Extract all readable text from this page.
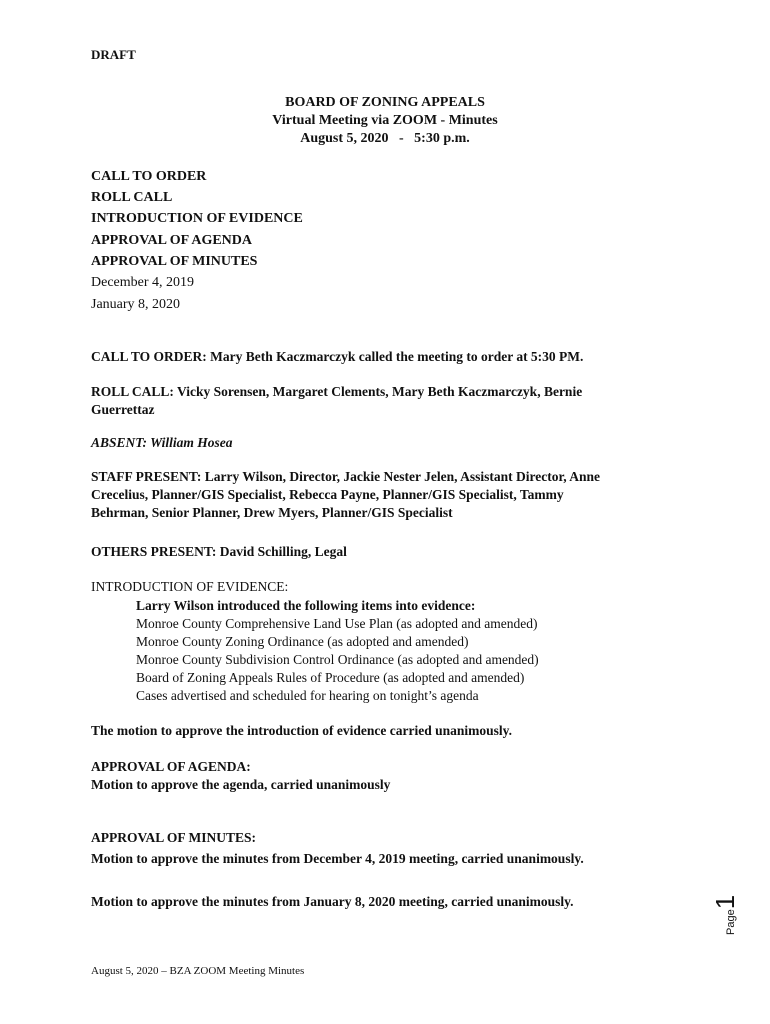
DRAFT
BOARD OF ZONING APPEALS
Virtual Meeting via ZOOM - Minutes
August 5, 2020   -   5:30 p.m.
CALL TO ORDER
ROLL CALL
INTRODUCTION OF EVIDENCE
APPROVAL OF AGENDA
APPROVAL OF MINUTES
December 4, 2019
January 8, 2020
CALL TO ORDER: Mary Beth Kaczmarczyk called the meeting to order at 5:30 PM.
ROLL CALL: Vicky Sorensen, Margaret Clements, Mary Beth Kaczmarczyk, Bernie
Guerrettaz
ABSENT: William Hosea
STAFF PRESENT: Larry Wilson, Director, Jackie Nester Jelen, Assistant Director, Anne
Crecelius, Planner/GIS Specialist, Rebecca Payne, Planner/GIS Specialist, Tammy
Behrman, Senior Planner, Drew Myers, Planner/GIS Specialist
OTHERS PRESENT: David Schilling, Legal
INTRODUCTION OF EVIDENCE:
Larry Wilson introduced the following items into evidence:
Monroe County Comprehensive Land Use Plan (as adopted and amended)
Monroe County Zoning Ordinance (as adopted and amended)
Monroe County Subdivision Control Ordinance (as adopted and amended)
Board of Zoning Appeals Rules of Procedure (as adopted and amended)
Cases advertised and scheduled for hearing on tonight’s agenda
The motion to approve the introduction of evidence carried unanimously.
APPROVAL OF AGENDA:
Motion to approve the agenda, carried unanimously
APPROVAL OF MINUTES:
Motion to approve the minutes from December 4, 2019 meeting, carried unanimously.
Motion to approve the minutes from January 8, 2020 meeting, carried unanimously.
Page1
August 5, 2020 – BZA ZOOM Meeting Minutes
